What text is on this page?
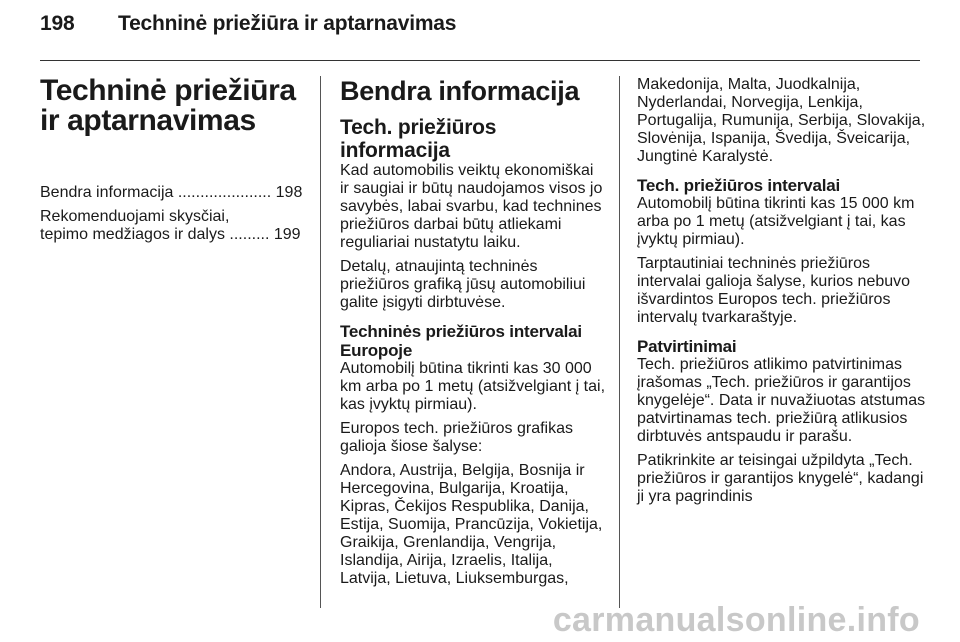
198 Techninė priežiūra ir aptarnavimas
Techninė priežiūra ir aptarnavimas
Bendra informacija ..................... 198
Rekomenduojami skysčiai,
tepimo medžiagos ir dalys ......... 199
Bendra informacija
Tech. priežiūros
informacija

Kad automobilis veiktų ekonomiškai ir saugiai ir būtų naudojamos visos jo savybės, labai svarbu, kad technines priežiūros darbai būtų atliekami reguliariai nustatytu laiku.

Detalų, atnaujintą techninės priežiūros grafiką jūsų automobiliui galite įsigyti dirbtuvėse.

Techninės priežiūros intervalai Europoje

Automobilį būtina tikrinti kas 30 000 km arba po 1 metų (atsižvelgiant į tai, kas įvyktų pirmiau).

Europos tech. priežiūros grafikas galioja šiose šalyse:

Andora, Austrija, Belgija, Bosnija ir Hercegovina, Bulgarija, Kroatija, Kipras, Čekijos Respublika, Danija, Estija, Suomija, Prancūzija, Vokietija, Graikija, Grenlandija, Vengrija, Islandija, Airija, Izraelis, Italija, Latvija, Lietuva, Liuksemburgas,

Makedonija, Malta, Juodkalnija, Nyderlandai, Norvegija, Lenkija, Portugalija, Rumunija, Serbija, Slovakija, Slovėnija, Ispanija, Švedija, Šveicarija, Jungtinė Karalystė.

Tech. priežiūros intervalai

Automobilį būtina tikrinti kas 15 000 km arba po 1 metų (atsižvelgiant į tai, kas įvyktų pirmiau).

Tarptautiniai techninės priežiūros intervalai galioja šalyse, kurios nebuvo išvardintos Europos tech. priežiūros intervalų tvarkaraštyje.

Patvirtinimai

Tech. priežiūros atlikimo patvirtinimas įrašomas „Tech. priežiūros ir garantijos knygelėje“. Data ir nuvažiuotas atstumas patvirtinamas tech. priežiūrą atlikusios dirbtuvės antspaudu ir parašu.

Patikrinkite ar teisingai užpildyta „Tech. priežiūros ir garantijos knygelė“, kadangi ji yra pagrindinis

carmanualsonline.info
